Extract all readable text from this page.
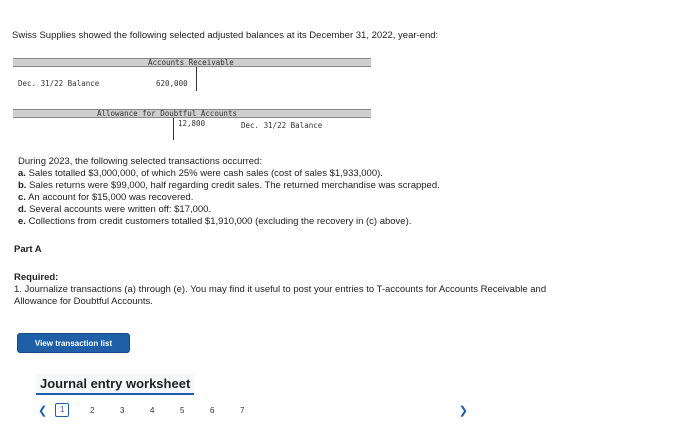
Swiss Supplies showed the following selected adjusted balances at its December 31, 2022, year-end:
Accounts Receivable
Dec. 31/22 Balance	620,000
Allowance for Doubtful Accounts
12,800	Dec. 31/22 Balance
During 2023, the following selected transactions occurred:
a. Sales totalled $3,000,000, of which 25% were cash sales (cost of sales $1,933,000).
b. Sales returns were $99,000, half regarding credit sales. The returned merchandise was scrapped.
c. An account for $15,000 was recovered.
d. Several accounts were written off: $17,000.
e. Collections from credit customers totalled $1,910,000 (excluding the recovery in (c) above).
Part A
Required:
1. Journalize transactions (a) through (e). You may find it useful to post your entries to T-accounts for Accounts Receivable and
Allowance for Doubtful Accounts.
View transaction list
Journal entry worksheet
❮	1	2	3	4	5	6	7	❯
